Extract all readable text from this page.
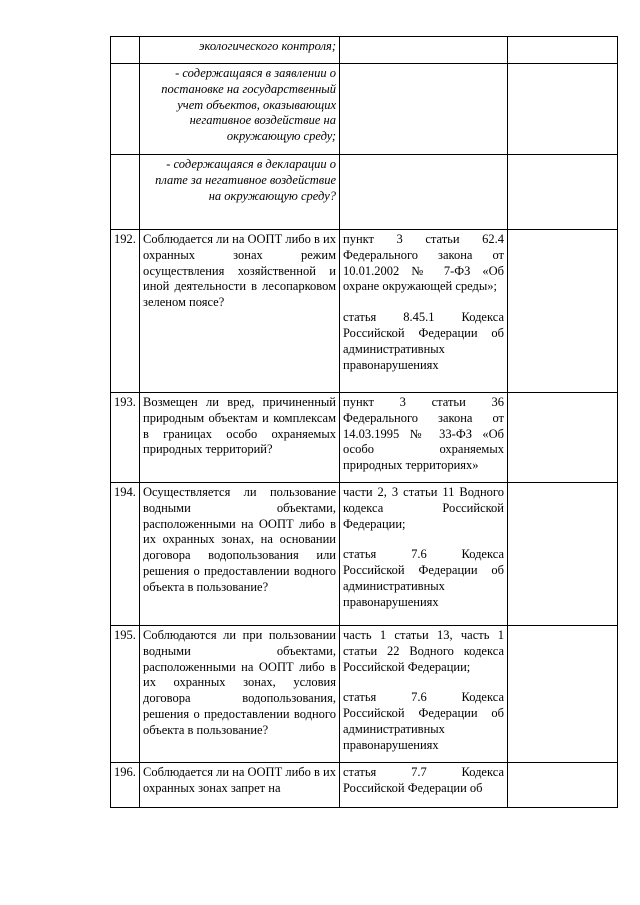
	экологического контроля;		
	- содержащаяся в заявлении о постановке на государственный учет объектов, оказывающих негативное воздействие на окружающую среду;		
	- содержащаяся в декларации о плате за негативное воздействие на окружающую среду?		
192.	Соблюдается ли на ООПТ либо в их охранных зонах режим осуществления хозяйственной и иной деятельности в лесопарковом зеленом поясе?	пункт 3 статьи 62.4 Федерального закона от 10.01.2002 № 7-ФЗ «Об охране окружающей среды»;

статья 8.45.1 Кодекса Российской Федерации об административных правонарушениях	

193.	Возмещен ли вред, причиненный природным объектам и комплексам в границах особо охраняемых природных территорий?	пункт 3 статьи 36 Федерального закона от 14.03.1995 № 33-ФЗ «Об особо охраняемых природных территориях»	

194.	Осуществляется ли пользование водными объектами, расположенными на ООПТ либо в их охранных зонах, на основании договора водопользования или решения о предоставлении водного объекта в пользование?	части 2, 3 статьи 11 Водного кодекса Российской Федерации;

статья 7.6 Кодекса Российской Федерации об административных правонарушениях	

195.	Соблюдаются ли при пользовании водными объектами, расположенными на ООПТ либо в их охранных зонах, условия договора водопользования, решения о предоставлении водного объекта в пользование?	часть 1 статьи 13, часть 1 статьи 22 Водного кодекса Российской Федерации;

статья 7.6 Кодекса Российской Федерации об административных правонарушениях	

196.	Соблюдается ли на ООПТ либо в их охранных зонах запрет на	статья 7.7 Кодекса Российской Федерации об	
